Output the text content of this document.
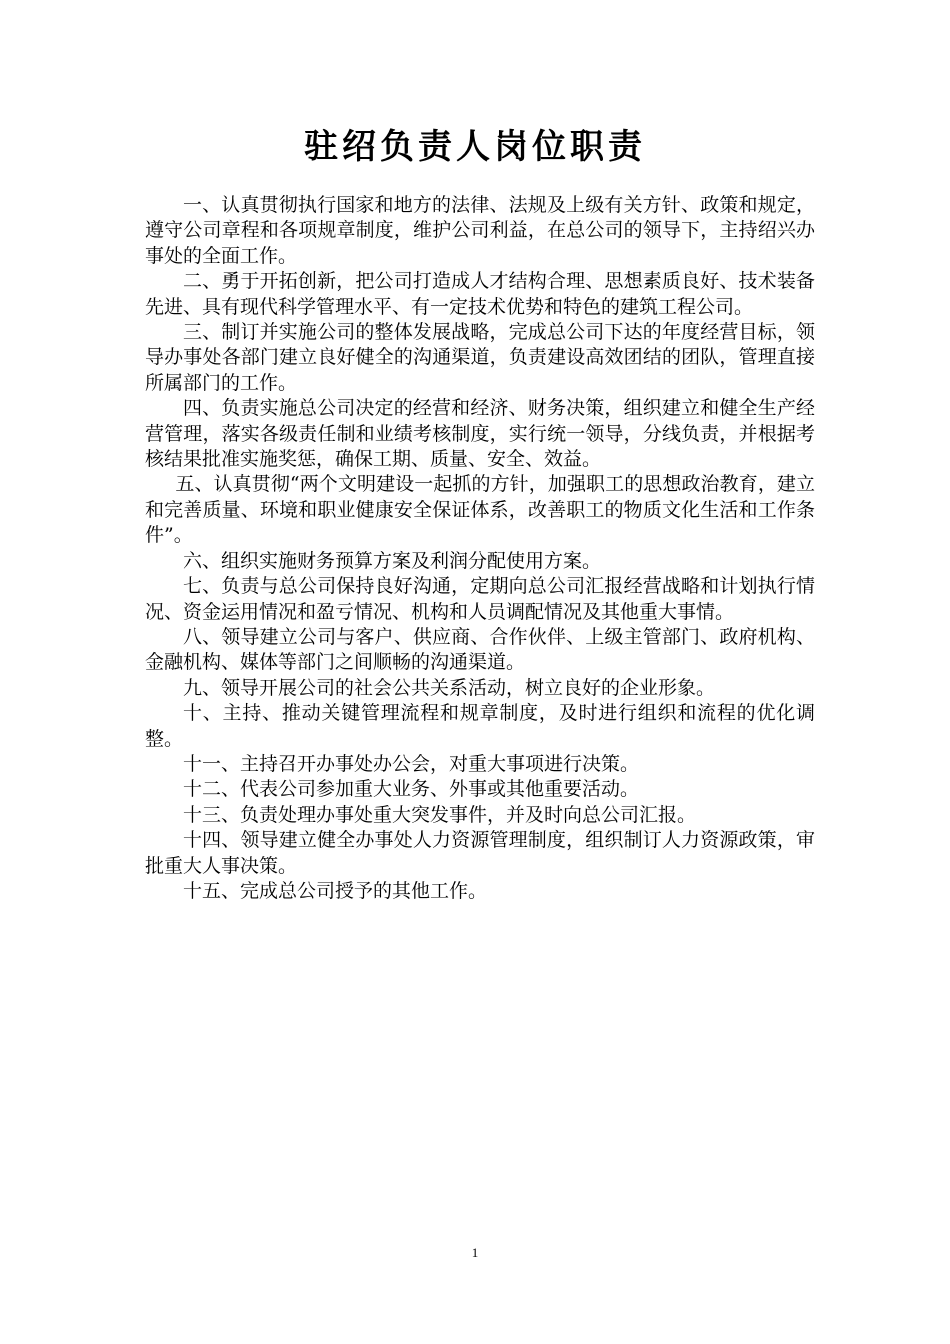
驻绍负责人岗位职责

一、认真贯彻执行国家和地方的法律、法规及上级有关方针、政策和规定，遵守公司章程和各项规章制度，维护公司利益，在总公司的领导下，主持绍兴办事处的全面工作。

二、勇于开拓创新，把公司打造成人才结构合理、思想素质良好、技术装备先进、具有现代科学管理水平、有一定技术优势和特色的建筑工程公司。

三、制订并实施公司的整体发展战略，完成总公司下达的年度经营目标，领导办事处各部门建立良好健全的沟通渠道，负责建设高效团结的团队，管理直接所属部门的工作。

四、负责实施总公司决定的经营和经济、财务决策，组织建立和健全生产经营管理，落实各级责任制和业绩考核制度，实行统一领导，分线负责，并根据考核结果批准实施奖惩，确保工期、质量、安全、效益。

五、认真贯彻“两个文明建设一起抓的方针，加强职工的思想政治教育，建立和完善质量、环境和职业健康安全保证体系，改善职工的物质文化生活和工作条件”。

六、组织实施财务预算方案及利润分配使用方案。

七、负责与总公司保持良好沟通，定期向总公司汇报经营战略和计划执行情况、资金运用情况和盈亏情况、机构和人员调配情况及其他重大事情。

八、领导建立公司与客户、供应商、合作伙伴、上级主管部门、政府机构、金融机构、媒体等部门之间顺畅的沟通渠道。

九、领导开展公司的社会公共关系活动，树立良好的企业形象。

十、主持、推动关键管理流程和规章制度，及时进行组织和流程的优化调整。

十一、主持召开办事处办公会，对重大事项进行决策。

十二、代表公司参加重大业务、外事或其他重要活动。

十三、负责处理办事处重大突发事件，并及时向总公司汇报。

十四、领导建立健全办事处人力资源管理制度，组织制订人力资源政策，审批重大人事决策。

十五、完成总公司授予的其他工作。

1
